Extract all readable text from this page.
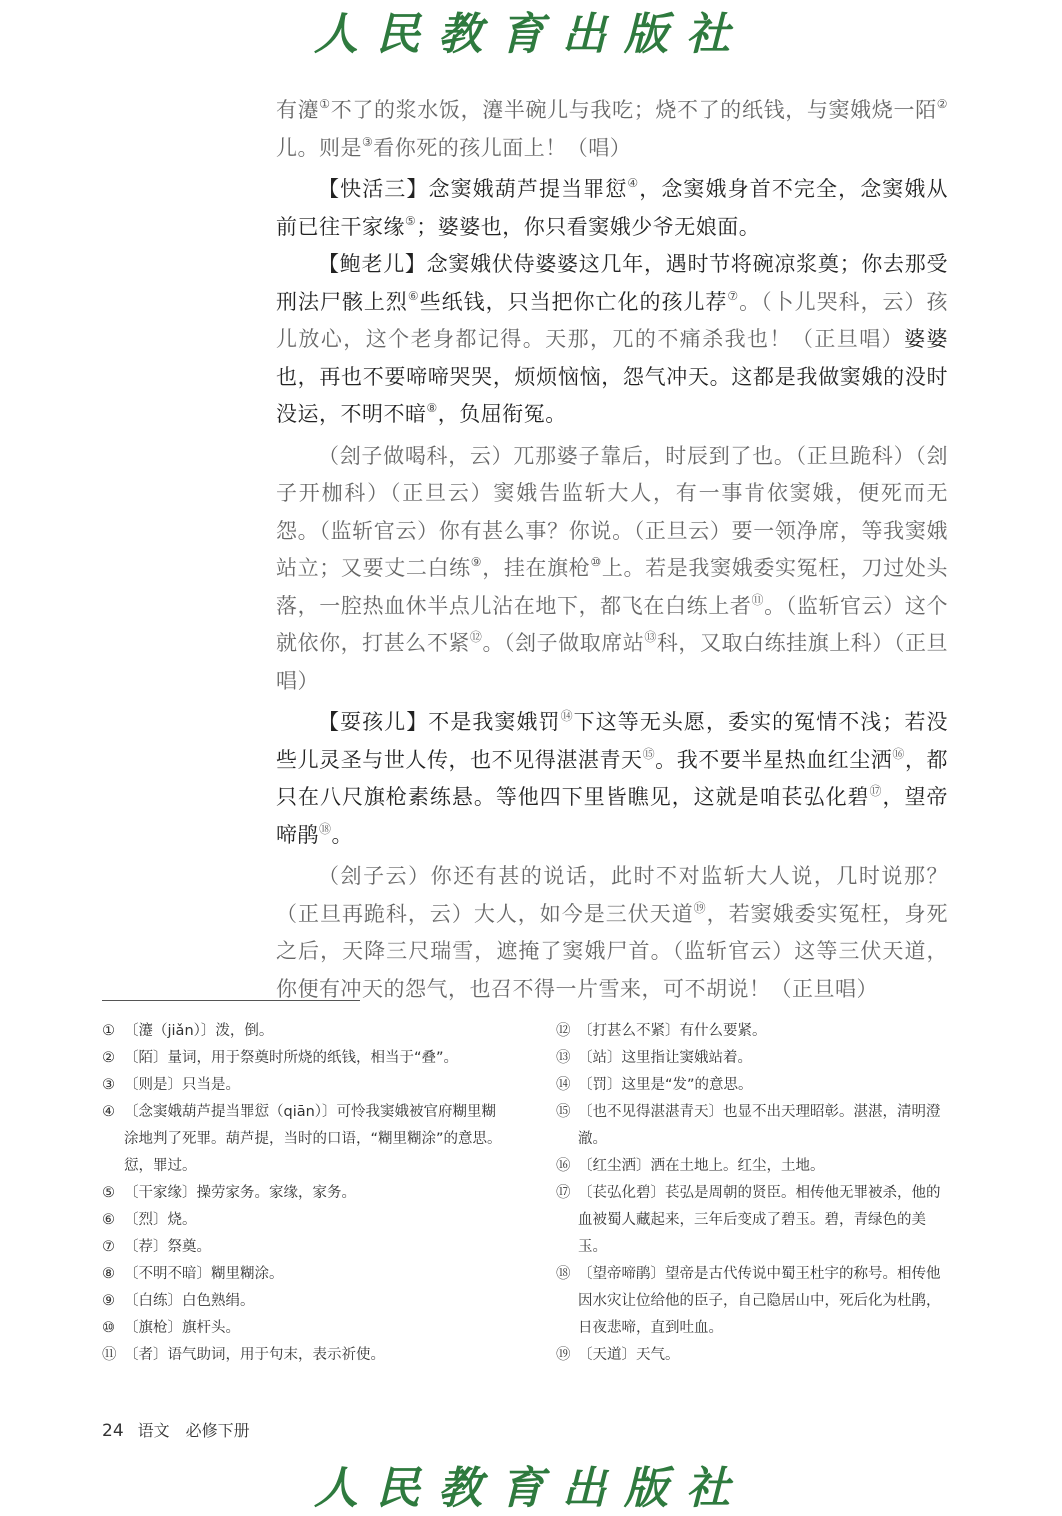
人民教育出版社

有瀽①不了的浆水饭，瀽半碗儿与我吃；烧不了的纸钱，与窦娥烧一陌②儿。则是③看你死的孩儿面上！（唱）

【快活三】念窦娥葫芦提当罪愆④，念窦娥身首不完全，念窦娥从前已往干家缘⑤；婆婆也，你只看窦娥少爷无娘面。

【鲍老儿】念窦娥伏侍婆婆这几年，遇时节将碗凉浆奠；你去那受刑法尸骸上烈⑥些纸钱，只当把你亡化的孩儿荐⑦。（卜儿哭科，云）孩儿放心，这个老身都记得。天那，兀的不痛杀我也！（正旦唱）婆婆也，再也不要啼啼哭哭，烦烦恼恼，怨气冲天。这都是我做窦娥的没时没运，不明不暗⑧，负屈衔冤。

（刽子做喝科，云）兀那婆子靠后，时辰到了也。（正旦跪科）（刽子开枷科）（正旦云）窦娥告监斩大人，有一事肯依窦娥，便死而无怨。（监斩官云）你有甚么事？你说。（正旦云）要一领净席，等我窦娥站立；又要丈二白练⑨，挂在旗枪⑩上。若是我窦娥委实冤枉，刀过处头落，一腔热血休半点儿沾在地下，都飞在白练上者⑪。（监斩官云）这个就依你，打甚么不紧⑫。（刽子做取席站⑬科，又取白练挂旗上科）（正旦唱）

【耍孩儿】不是我窦娥罚⑭下这等无头愿，委实的冤情不浅；若没些儿灵圣与世人传，也不见得湛湛青天⑮。我不要半星热血红尘洒⑯，都只在八尺旗枪素练悬。等他四下里皆瞧见，这就是咱苌弘化碧⑰，望帝啼鹃⑱。

（刽子云）你还有甚的说话，此时不对监斩大人说，几时说那？（正旦再跪科，云）大人，如今是三伏天道⑲，若窦娥委实冤枉，身死之后，天降三尺瑞雪，遮掩了窦娥尸首。（监斩官云）这等三伏天道，你便有冲天的怨气，也召不得一片雪来，可不胡说！（正旦唱）

① 〔瀽（jiǎn）〕泼，倒。
② 〔陌〕量词，用于祭奠时所烧的纸钱，相当于“叠”。
③ 〔则是〕只当是。
④ 〔念窦娥葫芦提当罪愆（qiān）〕可怜我窦娥被官府糊里糊涂地判了死罪。葫芦提，当时的口语，“糊里糊涂”的意思。愆，罪过。
⑤ 〔干家缘〕操劳家务。家缘，家务。
⑥ 〔烈〕烧。
⑦ 〔荐〕祭奠。
⑧ 〔不明不暗〕糊里糊涂。
⑨ 〔白练〕白色熟绢。
⑩ 〔旗枪〕旗杆头。
⑪ 〔者〕语气助词，用于句末，表示祈使。
⑫ 〔打甚么不紧〕有什么要紧。
⑬ 〔站〕这里指让窦娥站着。
⑭ 〔罚〕这里是“发”的意思。
⑮ 〔也不见得湛湛青天〕也显不出天理昭彰。湛湛，清明澄澈。
⑯ 〔红尘洒〕洒在土地上。红尘，土地。
⑰ 〔苌弘化碧〕苌弘是周朝的贤臣。相传他无罪被杀，他的血被蜀人藏起来，三年后变成了碧玉。碧，青绿色的美玉。
⑱ 〔望帝啼鹃〕望帝是古代传说中蜀王杜宇的称号。相传他因水灾让位给他的臣子，自己隐居山中，死后化为杜鹃，日夜悲啼，直到吐血。
⑲ 〔天道〕天气。
24 语文　必修下册
人民教育出版社
